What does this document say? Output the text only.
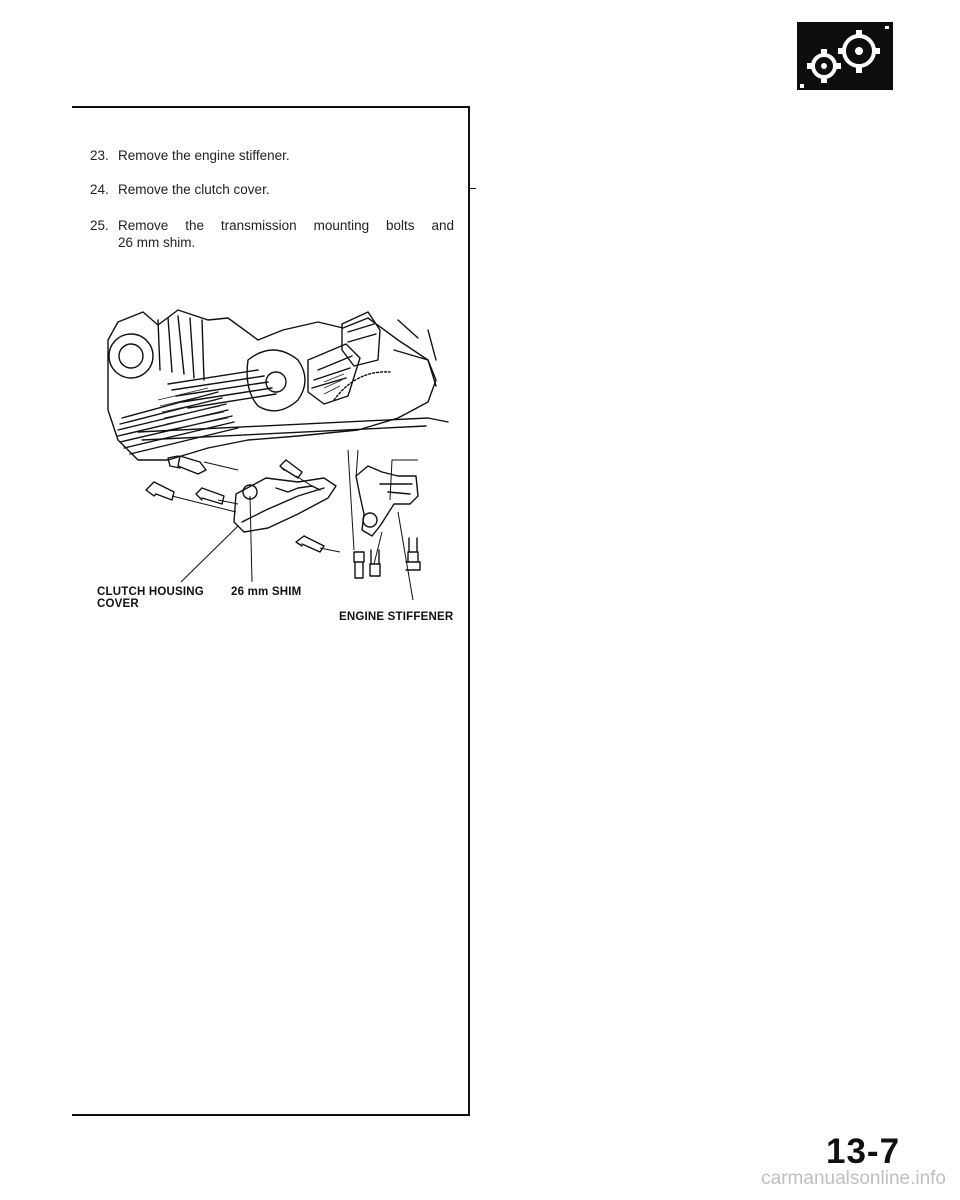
23. Remove the engine stiffener.
24. Remove the clutch cover.
25. Remove the transmission mounting bolts and
26 mm shim.
CLUTCH HOUSING
COVER
26 mm SHIM
ENGINE STIFFENER
13-7
carmanualsonline.info
